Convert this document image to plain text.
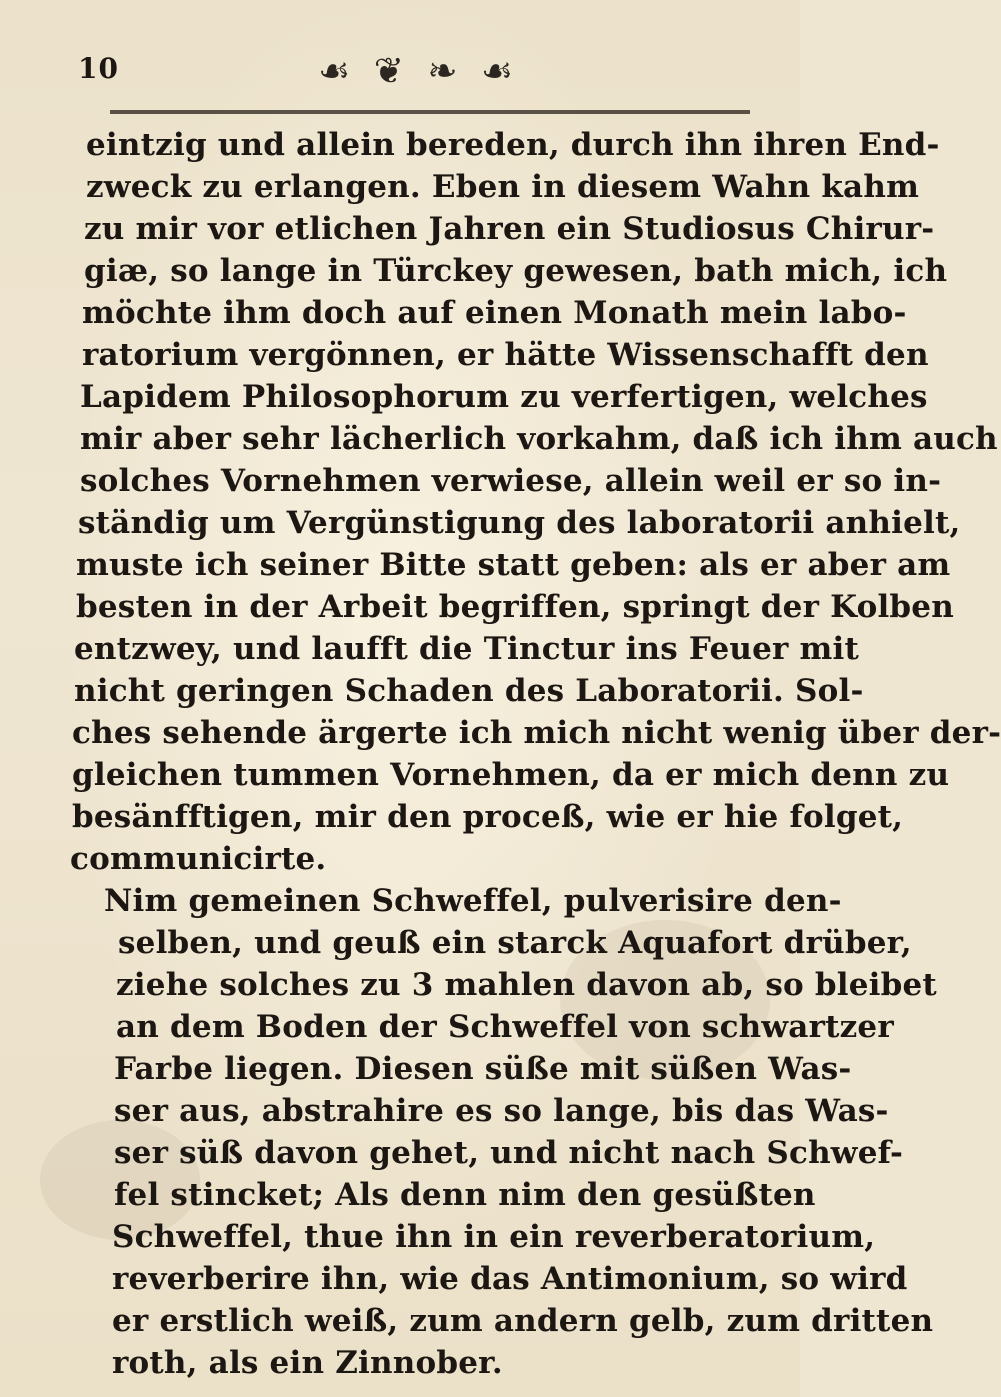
10	☙ ❦ ❧ ☙
eintzig und allein bereden, durch ihn ihren End-
zweck zu erlangen. Eben in diesem Wahn kahm
zu mir vor etlichen Jahren ein Studiosus Chirur-
giæ, so lange in Türckey gewesen, bath mich, ich
möchte ihm doch auf einen Monath mein labo-
ratorium vergönnen, er hätte Wissenschafft den
Lapidem Philosophorum zu verfertigen, welches
mir aber sehr lächerlich vorkahm, daß ich ihm auch
solches Vornehmen verwiese, allein weil er so in-
ständig um Vergünstigung des laboratorii anhielt,
muste ich seiner Bitte statt geben: als er aber am
besten in der Arbeit begriffen, springt der Kolben
entzwey, und laufft die Tinctur ins Feuer mit
nicht geringen Schaden des Laboratorii. Sol-
ches sehende ärgerte ich mich nicht wenig über der-
gleichen tummen Vornehmen, da er mich denn zu
besänfftigen, mir den proceß, wie er hie folget,
communicirte.
Nim gemeinen Schweffel, pulverisire den-
selben, und geuß ein starck Aquafort drüber,
ziehe solches zu 3 mahlen davon ab, so bleibet
an dem Boden der Schweffel von schwartzer
Farbe liegen. Diesen süße mit süßen Was-
ser aus, abstrahire es so lange, bis das Was-
ser süß davon gehet, und nicht nach Schwef-
fel stincket; Als denn nim den gesüßten
Schweffel, thue ihn in ein reverberatorium,
reverberire ihn, wie das Antimonium, so wird
er erstlich weiß, zum andern gelb, zum dritten
roth, als ein Zinnober.
